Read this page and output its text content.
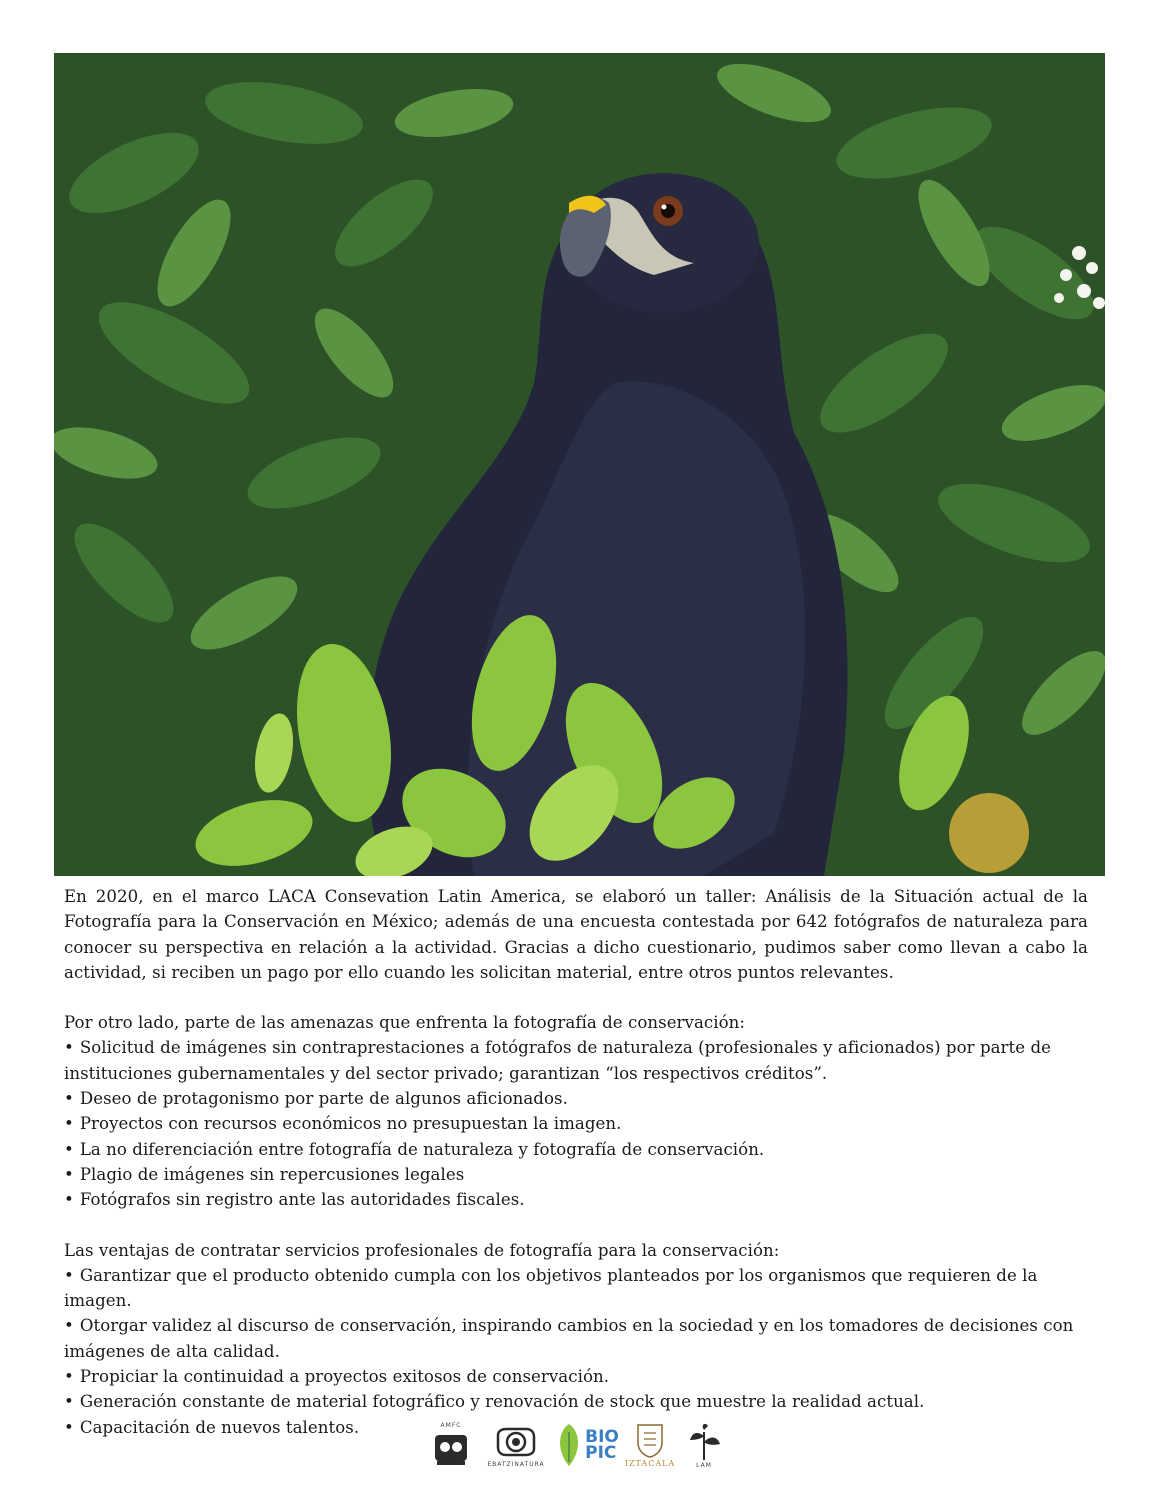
En 2020, en el marco LACA Consevation Latin America, se elaboró un taller: Análisis de la Situación actual de la Fotografía para la Conservación en México; además de una encuesta contestada por 642 fotógrafos de naturaleza para conocer su perspectiva en relación a la actividad. Gracias a dicho cuestionario, pudimos saber como llevan a cabo la actividad, si reciben un pago por ello cuando les solicitan material, entre otros puntos relevantes.

Por otro lado, parte de las amenazas que enfrenta la fotografía de conservación:

• Solicitud de imágenes sin contraprestaciones a fotógrafos de naturaleza (profesionales y aficionados) por parte de instituciones gubernamentales y del sector privado; garantizan “los respectivos créditos”.
• Deseo de protagonismo por parte de algunos aficionados.
• Proyectos con recursos económicos no presupuestan la imagen.
• La no diferenciación entre fotografía de naturaleza y fotografía de conservación.
• Plagio de imágenes sin repercusiones legales
• Fotógrafos sin registro ante las autoridades fiscales.

Las ventajas de contratar servicios profesionales de fotografía para la conservación:

• Garantizar que el producto obtenido cumpla con los objetivos planteados por los organismos que requieren de la imagen.
• Otorgar validez al discurso de conservación, inspirando cambios en la sociedad y en los tomadores de decisiones con imágenes de alta calidad.
• Propiciar la continuidad a proyectos exitosos de conservación.
• Generación constante de material fotográfico y renovación de stock que muestre la realidad actual.
• Capacitación de nuevos talentos.	AMFC
EBATZINATURA
BIO
PIC	IZTACALA	LAM
